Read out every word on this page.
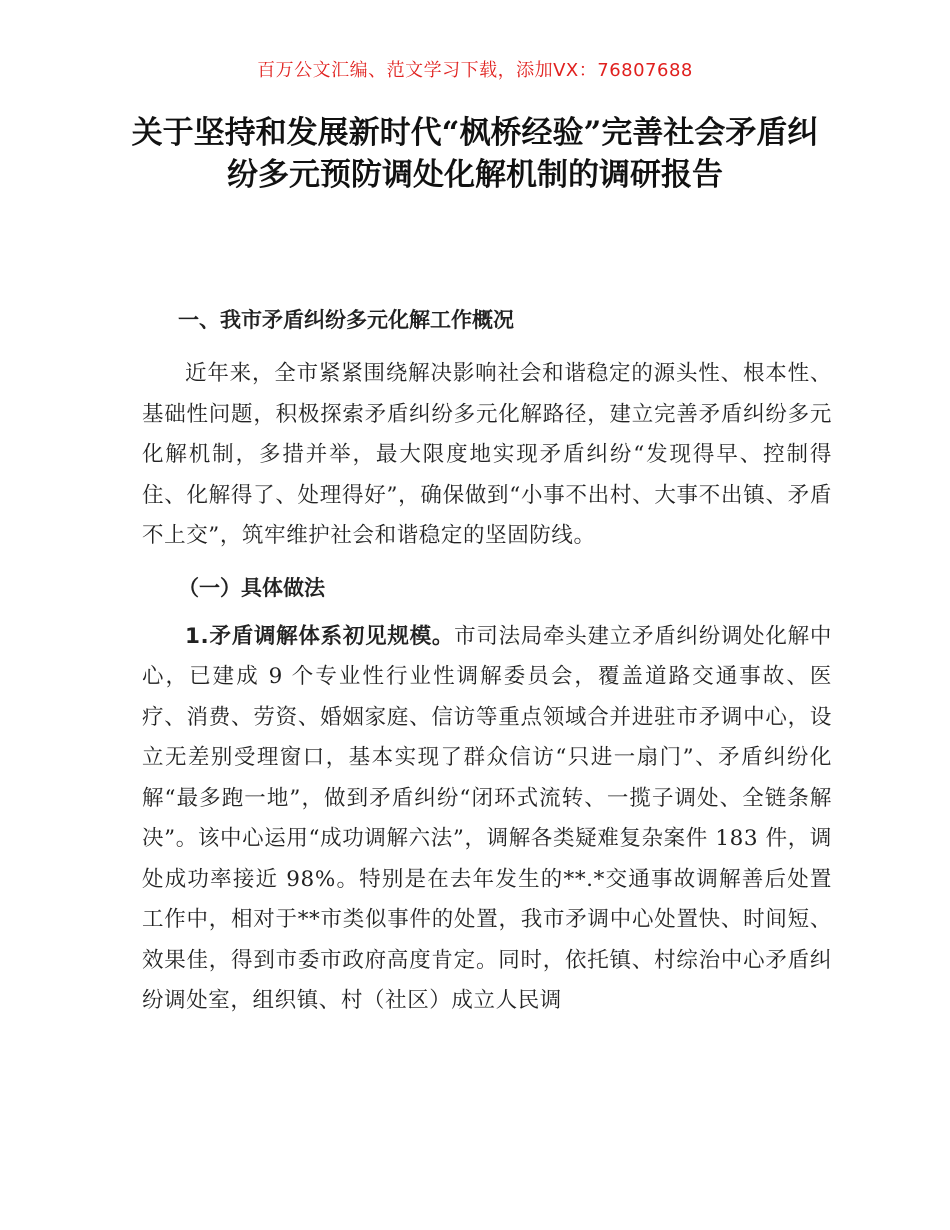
百万公文汇编、范文学习下载，添加VX：76807688
关于坚持和发展新时代“枫桥经验”完善社会矛盾纠纷多元预防调处化解机制的调研报告
一、我市矛盾纠纷多元化解工作概况

近年来，全市紧紧围绕解决影响社会和谐稳定的源头性、根本性、基础性问题，积极探索矛盾纠纷多元化解路径，建立完善矛盾纠纷多元化解机制，多措并举，最大限度地实现矛盾纠纷“发现得早、控制得住、化解得了、处理得好”，确保做到“小事不出村、大事不出镇、矛盾不上交”，筑牢维护社会和谐稳定的坚固防线。

（一）具体做法

1.矛盾调解体系初见规模。市司法局牵头建立矛盾纠纷调处化解中心，已建成 9 个专业性行业性调解委员会，覆盖道路交通事故、医疗、消费、劳资、婚姻家庭、信访等重点领域合并进驻市矛调中心，设立无差别受理窗口，基本实现了群众信访“只进一扇门”、矛盾纠纷化解“最多跑一地”，做到矛盾纠纷“闭环式流转、一揽子调处、全链条解决”。该中心运用“成功调解六法”，调解各类疑难复杂案件 183 件，调处成功率接近 98%。特别是在去年发生的**.*交通事故调解善后处置工作中，相对于**市类似事件的处置，我市矛调中心处置快、时间短、效果佳，得到市委市政府高度肯定。同时，依托镇、村综治中心矛盾纠纷调处室，组织镇、村（社区）成立人民调
